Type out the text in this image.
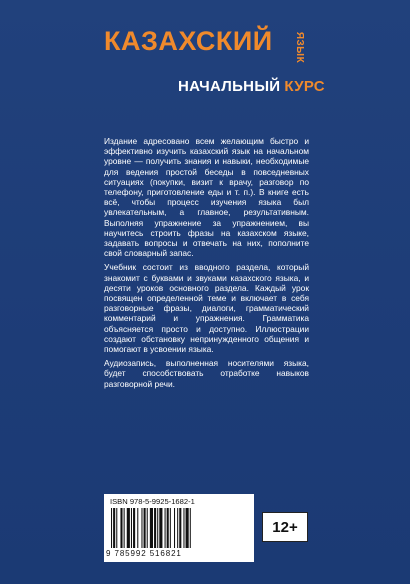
КАЗАХСКИЙ ЯЗЫК
НАЧАЛЬНЫЙ КУРС

Издание адресовано всем желающим быстро и эффективно изучить казахский язык на начальном уровне — получить знания и навыки, необходимые для ведения простой беседы в повседневных ситуациях (покупки, визит к врачу, разговор по телефону, приготовление еды и т. п.). В книге есть всё, чтобы процесс изучения языка был увлекательным, а главное, результативным. Выполняя упражнение за упражнением, вы научитесь строить фразы на казахском языке, задавать вопросы и отвечать на них, пополните свой словарный запас.

Учебник состоит из вводного раздела, который знакомит с буквами и звуками казахского языка, и десяти уроков основного раздела. Каждый урок посвящен определенной теме и включает в себя разговорные фразы, диалоги, грамматический комментарий и упражнения. Грамматика объясняется просто и доступно. Иллюстрации создают обстановку непринужденного общения и помогают в усвоении языка.

Аудиозапись, выполненная носителями языка, будет способствовать отработке навыков разговорной речи.

ISBN 978-5-9925-1682-1
9 785992 516821
12+
